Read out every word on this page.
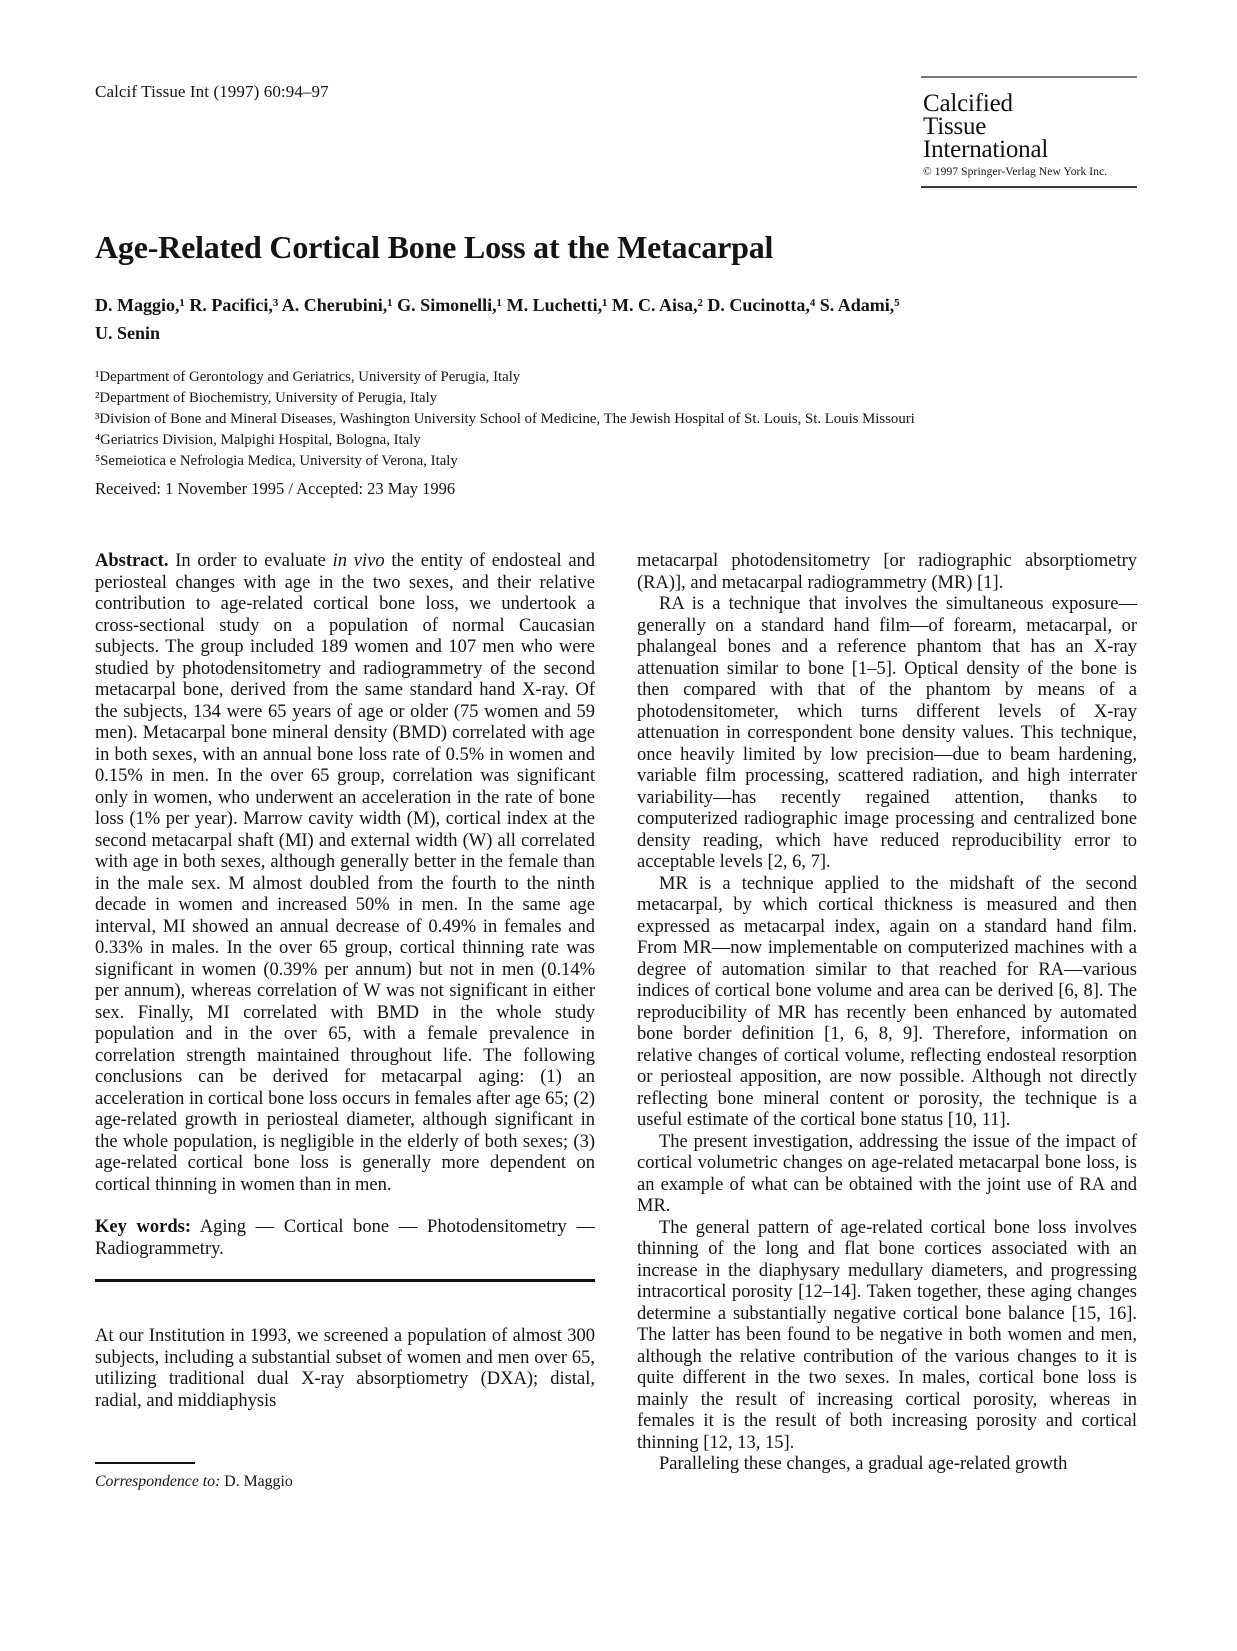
Calcif Tissue Int (1997) 60:94–97	Calcified
Tissue
International
© 1997 Springer-Verlag New York Inc.
Age-Related Cortical Bone Loss at the Metacarpal
D. Maggio,¹ R. Pacifici,³ A. Cherubini,¹ G. Simonelli,¹ M. Luchetti,¹ M. C. Aisa,² D. Cucinotta,⁴ S. Adami,⁵
U. Senin
¹Department of Gerontology and Geriatrics, University of Perugia, Italy
²Department of Biochemistry, University of Perugia, Italy
³Division of Bone and Mineral Diseases, Washington University School of Medicine, The Jewish Hospital of St. Louis, St. Louis Missouri
⁴Geriatrics Division, Malpighi Hospital, Bologna, Italy
⁵Semeiotica e Nefrologia Medica, University of Verona, Italy
Received: 1 November 1995 / Accepted: 23 May 1996

Abstract. In order to evaluate in vivo the entity of endosteal and periosteal changes with age in the two sexes, and their relative contribution to age-related cortical bone loss, we undertook a cross-sectional study on a population of normal Caucasian subjects. The group included 189 women and 107 men who were studied by photodensitometry and radiogrammetry of the second metacarpal bone, derived from the same standard hand X-ray. Of the subjects, 134 were 65 years of age or older (75 women and 59 men). Metacarpal bone mineral density (BMD) correlated with age in both sexes, with an annual bone loss rate of 0.5% in women and 0.15% in men. In the over 65 group, correlation was significant only in women, who underwent an acceleration in the rate of bone loss (1% per year). Marrow cavity width (M), cortical index at the second metacarpal shaft (MI) and external width (W) all correlated with age in both sexes, although generally better in the female than in the male sex. M almost doubled from the fourth to the ninth decade in women and increased 50% in men. In the same age interval, MI showed an annual decrease of 0.49% in females and 0.33% in males. In the over 65 group, cortical thinning rate was significant in women (0.39% per annum) but not in men (0.14% per annum), whereas correlation of W was not significant in either sex. Finally, MI correlated with BMD in the whole study population and in the over 65, with a female prevalence in correlation strength maintained throughout life. The following conclusions can be derived for metacarpal aging: (1) an acceleration in cortical bone loss occurs in females after age 65; (2) age-related growth in periosteal diameter, although significant in the whole population, is negligible in the elderly of both sexes; (3) age-related cortical bone loss is generally more dependent on cortical thinning in women than in men.

Key words: Aging — Cortical bone — Photodensitometry — Radiogrammetry.

At our Institution in 1993, we screened a population of almost 300 subjects, including a substantial subset of women and men over 65, utilizing traditional dual X-ray absorptiometry (DXA); distal, radial, and middiaphysis

Correspondence to: D. Maggio

metacarpal photodensitometry [or radiographic absorptiometry (RA)], and metacarpal radiogrammetry (MR) [1].

RA is a technique that involves the simultaneous exposure—generally on a standard hand film—of forearm, metacarpal, or phalangeal bones and a reference phantom that has an X-ray attenuation similar to bone [1–5]. Optical density of the bone is then compared with that of the phantom by means of a photodensitometer, which turns different levels of X-ray attenuation in correspondent bone density values. This technique, once heavily limited by low precision—due to beam hardening, variable film processing, scattered radiation, and high interrater variability—has recently regained attention, thanks to computerized radiographic image processing and centralized bone density reading, which have reduced reproducibility error to acceptable levels [2, 6, 7].

MR is a technique applied to the midshaft of the second metacarpal, by which cortical thickness is measured and then expressed as metacarpal index, again on a standard hand film. From MR—now implementable on computerized machines with a degree of automation similar to that reached for RA—various indices of cortical bone volume and area can be derived [6, 8]. The reproducibility of MR has recently been enhanced by automated bone border definition [1, 6, 8, 9]. Therefore, information on relative changes of cortical volume, reflecting endosteal resorption or periosteal apposition, are now possible. Although not directly reflecting bone mineral content or porosity, the technique is a useful estimate of the cortical bone status [10, 11].

The present investigation, addressing the issue of the impact of cortical volumetric changes on age-related metacarpal bone loss, is an example of what can be obtained with the joint use of RA and MR.

The general pattern of age-related cortical bone loss involves thinning of the long and flat bone cortices associated with an increase in the diaphysary medullary diameters, and progressing intracortical porosity [12–14]. Taken together, these aging changes determine a substantially negative cortical bone balance [15, 16]. The latter has been found to be negative in both women and men, although the relative contribution of the various changes to it is quite different in the two sexes. In males, cortical bone loss is mainly the result of increasing cortical porosity, whereas in females it is the result of both increasing porosity and cortical thinning [12, 13, 15].

Paralleling these changes, a gradual age-related growth
